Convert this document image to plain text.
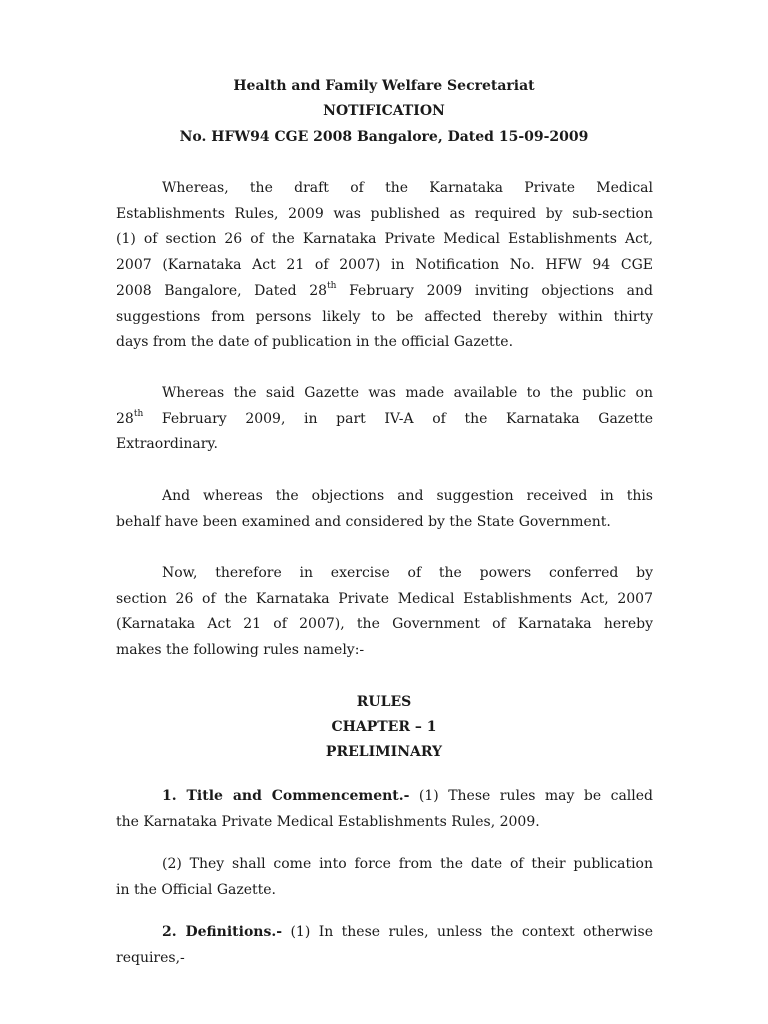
Health and Family Welfare Secretariat
NOTIFICATION
No. HFW94 CGE 2008 Bangalore, Dated 15-09-2009
Whereas, the draft of the Karnataka Private Medical
Establishments Rules, 2009 was published as required by sub-section
(1) of section 26 of the Karnataka Private Medical Establishments Act,
2007 (Karnataka Act 21 of 2007) in Notification No. HFW 94 CGE
2008 Bangalore, Dated 28th February 2009 inviting objections and
suggestions from persons likely to be affected thereby within thirty
days from the date of publication in the official Gazette.
Whereas the said Gazette was made available to the public on
28th February 2009, in part IV-A of the Karnataka Gazette
Extraordinary.
And whereas the objections and suggestion received in this
behalf have been examined and considered by the State Government.
Now, therefore in exercise of the powers conferred by
section 26 of the Karnataka Private Medical Establishments Act, 2007
(Karnataka Act 21 of 2007), the Government of Karnataka hereby
makes the following rules namely:-
RULES
CHAPTER – 1
PRELIMINARY
1. Title and Commencement.- (1) These rules may be called
the Karnataka Private Medical Establishments Rules, 2009.
(2) They shall come into force from the date of their publication
in the Official Gazette.
2. Definitions.- (1) In these rules, unless the context otherwise
requires,-
